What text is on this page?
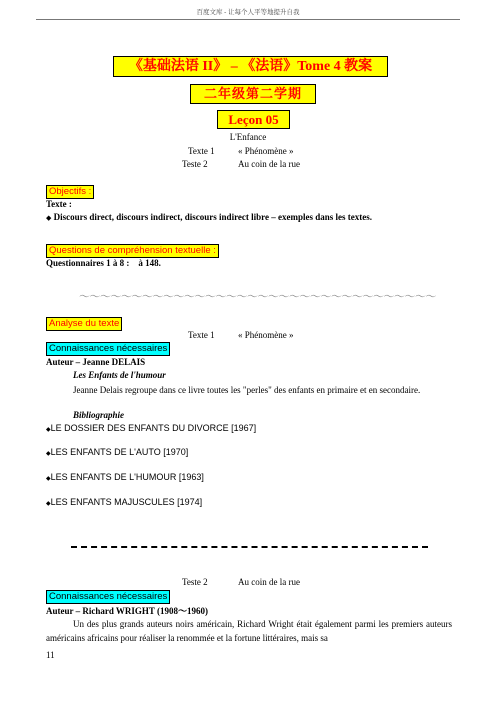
百度文库 - 让每个人平等地提升自我
《基础法语 II》 – 《法语》Tome 4 教案
二年级第二学期
Leçon 05
L'Enfance
Texte 1	« Phénomène »
Teste 2	Au coin de la rue
Objectifs :
Texte :
◆ Discours direct, discours indirect, discours indirect libre – exemples dans les textes.
Questions de compréhension textuelle :
Questionnaires 1 à 8 :    à 148.
～～～～～～～～～～～～～～～～～～～～～～～～～～～～～～～～～～
Analyse du texte
Texte 1	« Phénomène »
Connaissances nécessaires
Auteur – Jeanne DELAIS
Les Enfants de l'humour
Jeanne Delais regroupe dans ce livre toutes les "perles" des enfants en primaire et en secondaire.
Bibliographie
◆LE DOSSIER DES ENFANTS DU DIVORCE [1967]
◆LES ENFANTS DE L'AUTO [1970]
◆LES ENFANTS DE L'HUMOUR [1963]
◆LES ENFANTS MAJUSCULES [1974]
Teste 2	Au coin de la rue
Connaissances nécessaires
Auteur – Richard WRIGHT (1908～1960)
Un des plus grands auteurs noirs américain, Richard Wright était également parmi les premiers auteurs américains africains pour réaliser la renommée et la fortune littéraires, mais sa
11
